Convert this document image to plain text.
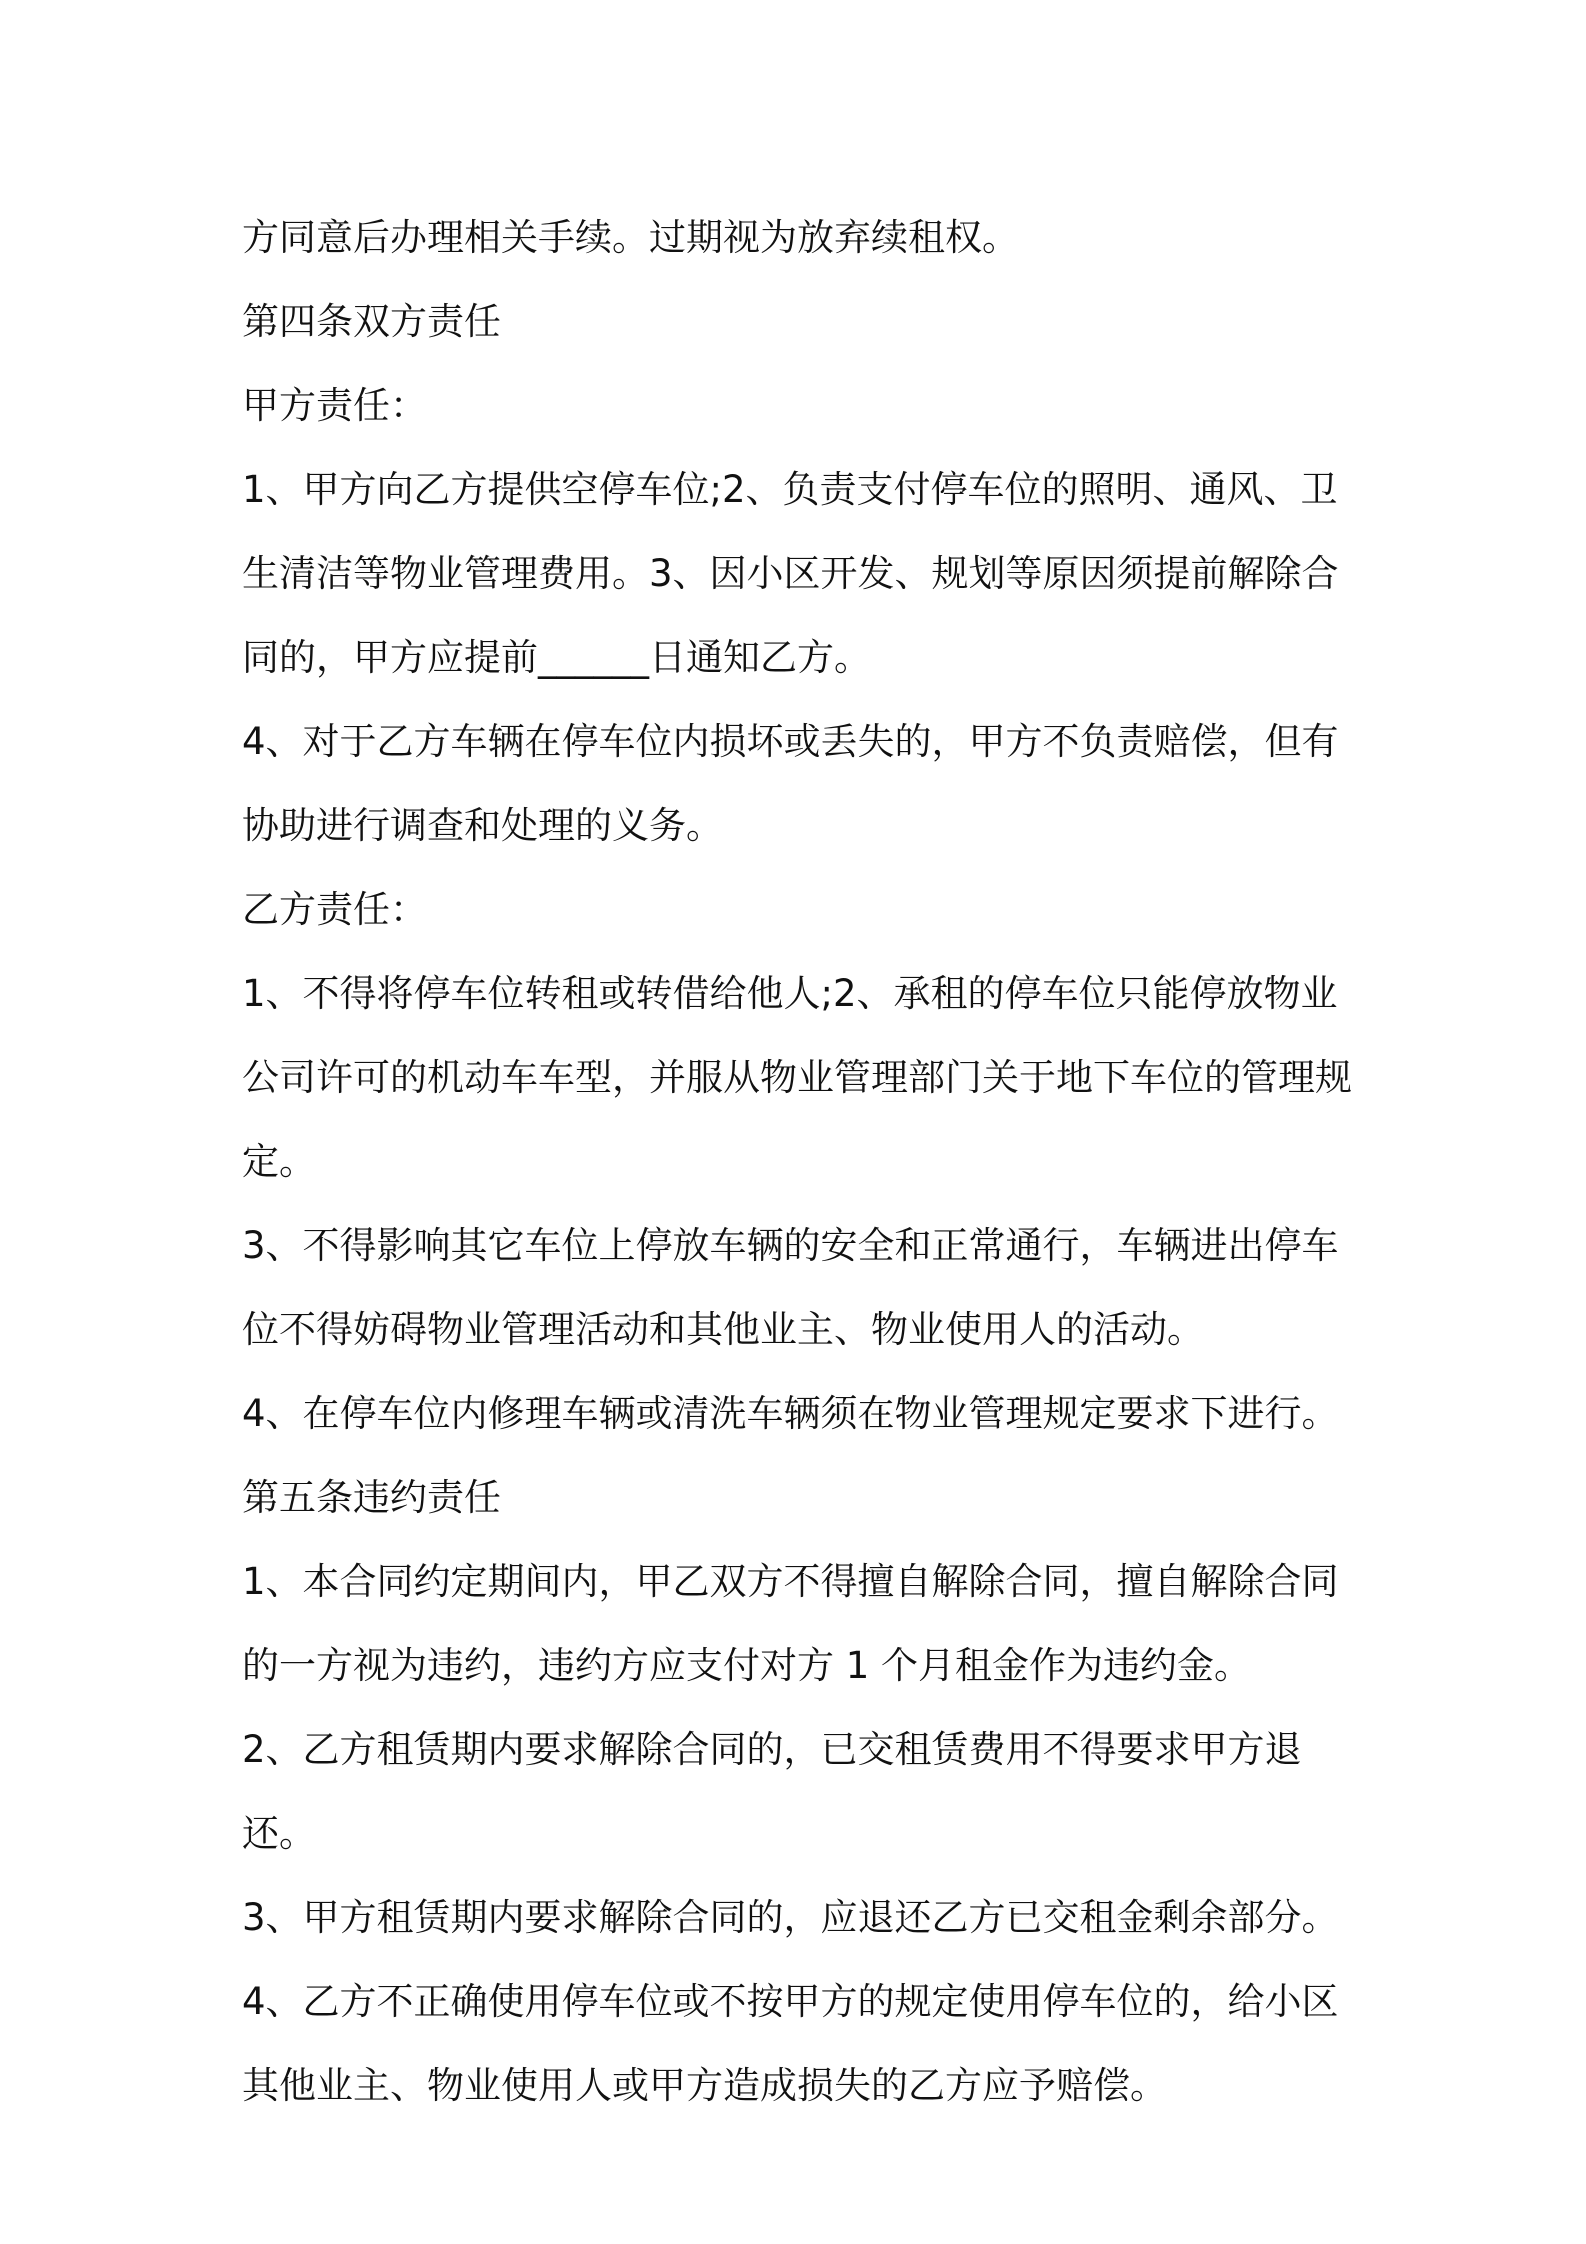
方同意后办理相关手续。过期视为放弃续租权。

第四条双方责任

甲方责任：

1、甲方向乙方提供空停车位;2、负责支付停车位的照明、通风、卫

生清洁等物业管理费用。3、因小区开发、规划等原因须提前解除合

同的，甲方应提前______日通知乙方。

4、对于乙方车辆在停车位内损坏或丢失的，甲方不负责赔偿，但有

协助进行调查和处理的义务。

乙方责任：

1、不得将停车位转租或转借给他人;2、承租的停车位只能停放物业

公司许可的机动车车型，并服从物业管理部门关于地下车位的管理规

定。

3、不得影响其它车位上停放车辆的安全和正常通行，车辆进出停车

位不得妨碍物业管理活动和其他业主、物业使用人的活动。

4、在停车位内修理车辆或清洗车辆须在物业管理规定要求下进行。

第五条违约责任

1、本合同约定期间内，甲乙双方不得擅自解除合同，擅自解除合同

的一方视为违约，违约方应支付对方 1 个月租金作为违约金。

2、乙方租赁期内要求解除合同的，已交租赁费用不得要求甲方退还。

3、甲方租赁期内要求解除合同的，应退还乙方已交租金剩余部分。

4、乙方不正确使用停车位或不按甲方的规定使用停车位的，给小区

其他业主、物业使用人或甲方造成损失的乙方应予赔偿。
